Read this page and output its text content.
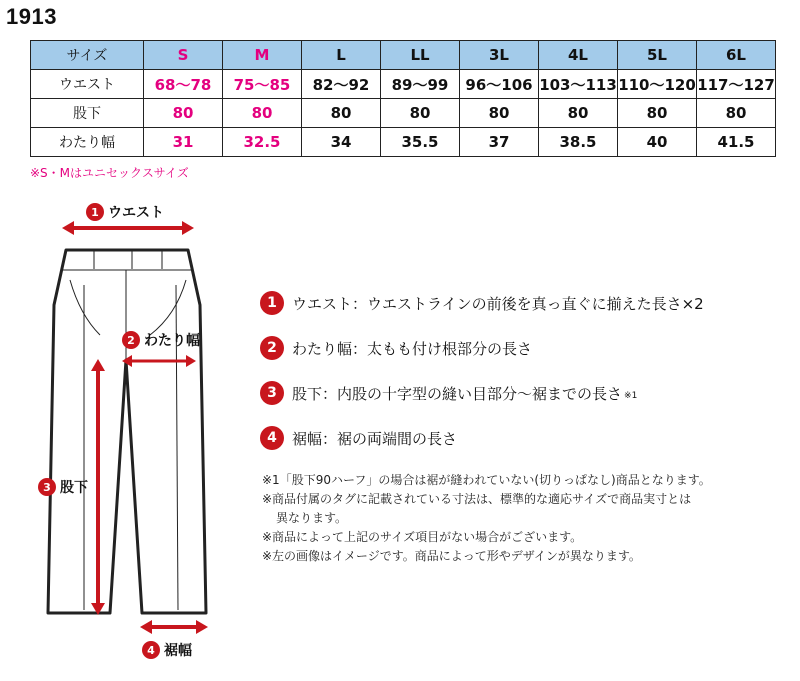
1913
サイズ	S	M	L	LL	3L	4L	5L	6L
ウエスト	68〜78	75〜85	82〜92	89〜99	96〜106	103〜113	110〜120	117〜127
股下	80	80	80	80	80	80	80	80
わたり幅	31	32.5	34	35.5	37	38.5	40	41.5
※S・Mはユニセックスサイズ
1 ウエスト
2 わたり幅
3 股下
4 裾幅
1	ウエスト ：ウエストラインの前後を真っ直ぐに揃えた長さ×2
2	わたり幅 ：太もも付け根部分の長さ
3	股下 ：内股の十字型の縫い目部分〜裾までの長さ ※1
4	裾幅 ：裾の両端間の長さ
※1「股下90ハーフ」の場合は裾が縫われていない(切りっぱなし)商品となります。
※商品付属のタグに記載されている寸法は、標準的な適応サイズで商品実寸とは
異なります。
※商品によって上記のサイズ項目がない場合がございます。
※左の画像はイメージです。商品によって形やデザインが異なります。
